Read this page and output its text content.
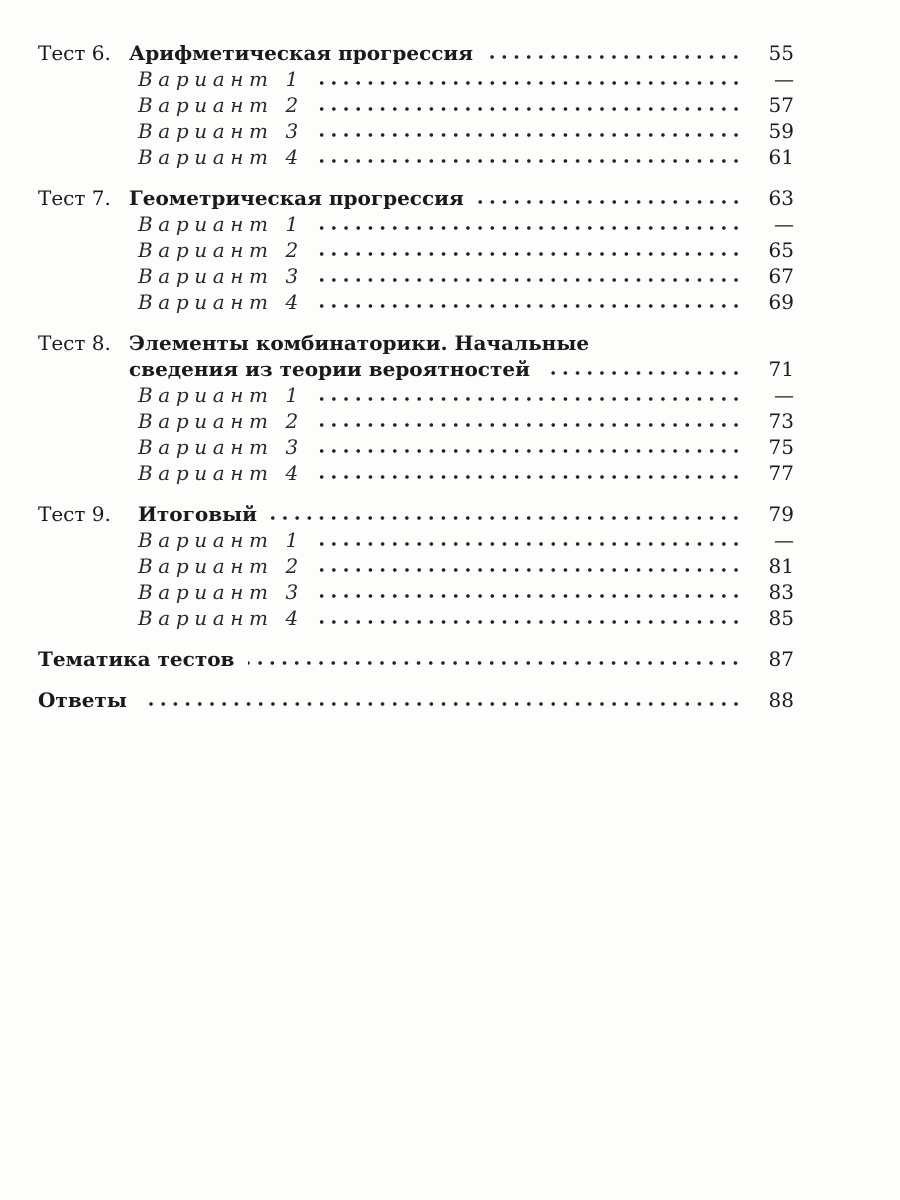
Тест 6. Арифметическая прогрессия	55
Вариант 1	—
Вариант 2	57
Вариант 3	59
Вариант 4	61
Тест 7. Геометрическая прогрессия	63
Вариант 1	—
Вариант 2	65
Вариант 3	67
Вариант 4	69
Тест 8. Элементы комбинаторики. Начальные
сведения из теории вероятностей	71
Вариант 1	—
Вариант 2	73
Вариант 3	75
Вариант 4	77
Тест 9.	Итоговый	79
Вариант 1	—
Вариант 2	81
Вариант 3	83
Вариант 4	85
Тематика тестов	87
Ответы	88
